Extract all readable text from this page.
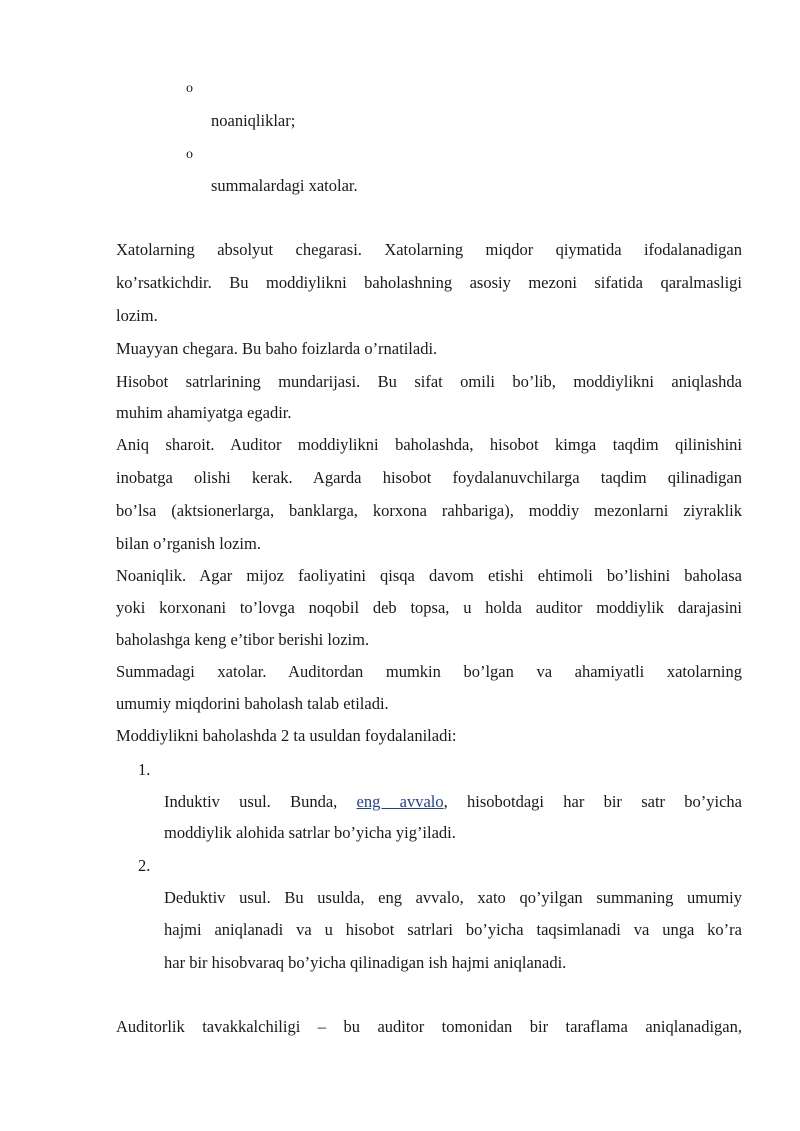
o

noaniqliklar;

o

summalardagi xatolar.

Xatolarning absolyut chegarasi. Xatolarning miqdor qiymatida ifodalanadigan

ko’rsatkichdir. Bu moddiylikni baholashning asosiy mezoni sifatida qaralmasligi

lozim.

Muayyan chegara. Bu baho foizlarda o’rnatiladi.

Hisobot satrlarining mundarijasi. Bu sifat omili bo’lib, moddiylikni aniqlashda

muhim ahamiyatga egadir.

Aniq sharoit. Auditor moddiylikni baholashda, hisobot kimga taqdim qilinishini

inobatga olishi kerak. Agarda hisobot foydalanuvchilarga taqdim qilinadigan

bo’lsa (aktsionerlarga, banklarga, korxona rahbariga), moddiy mezonlarni ziyraklik

bilan o’rganish lozim.

Noaniqlik. Agar mijoz faoliyatini qisqa davom etishi ehtimoli bo’lishini baholasa

yoki korxonani to’lovga noqobil deb topsa, u holda auditor moddiylik darajasini

baholashga keng e’tibor berishi lozim.

Summadagi xatolar. Auditordan mumkin bo’lgan va ahamiyatli xatolarning

umumiy miqdorini baholash talab etiladi.

Moddiylikni baholashda 2 ta usuldan foydalaniladi:

1.

Induktiv usul. Bunda, eng avvalo, hisobotdagi har bir satr bo’yicha

moddiylik alohida satrlar bo’yicha yig’iladi.

2.

Deduktiv usul. Bu usulda, eng avvalo, xato qo’yilgan summaning umumiy

hajmi aniqlanadi va u hisobot satrlari bo’yicha taqsimlanadi va unga ko’ra

har bir hisobvaraq bo’yicha qilinadigan ish hajmi aniqlanadi.

Auditorlik tavakkalchiligi – bu auditor tomonidan bir taraflama aniqlanadigan,
